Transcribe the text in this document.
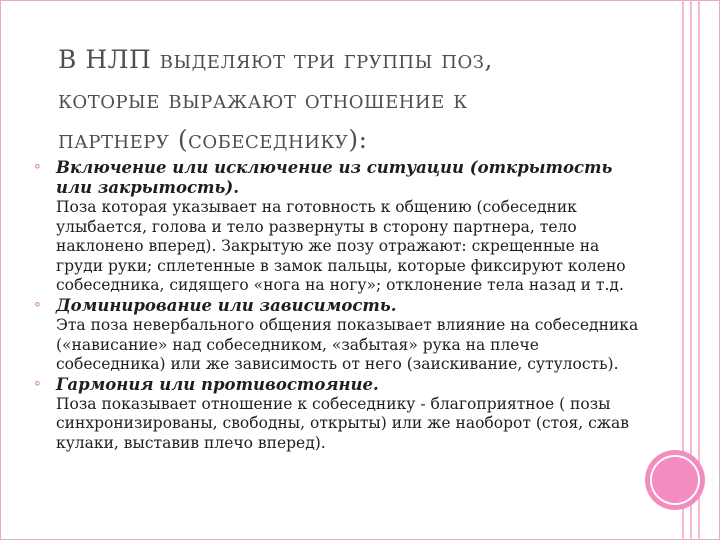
В НЛП выделяют три группы поз,
которые выражают отношение к
партнеру (собеседнику):
⚬ Включение или исключение из ситуации (открытость или закрытость).
Поза которая указывает на готовность к общению (собеседник улыбается, голова и тело развернуты в сторону партнера, тело наклонено вперед). Закрытую же позу отражают: скрещенные на груди руки; сплетенные в замок пальцы, которые фиксируют колено собеседника, сидящего «нога на ногу»; отклонение тела назад и т.д.
⚬ Доминирование или зависимость.
Эта поза невербального общения показывает влияние на собеседника («нависание» над собеседником, «забытая» рука на плече собеседника) или же зависимость от него (заискивание, сутулость).
⚬ Гармония или противостояние.
Поза показывает отношение к собеседнику - благоприятное ( позы синхронизированы, свободны, открыты) или же наоборот (стоя, сжав кулаки, выставив плечо вперед).
